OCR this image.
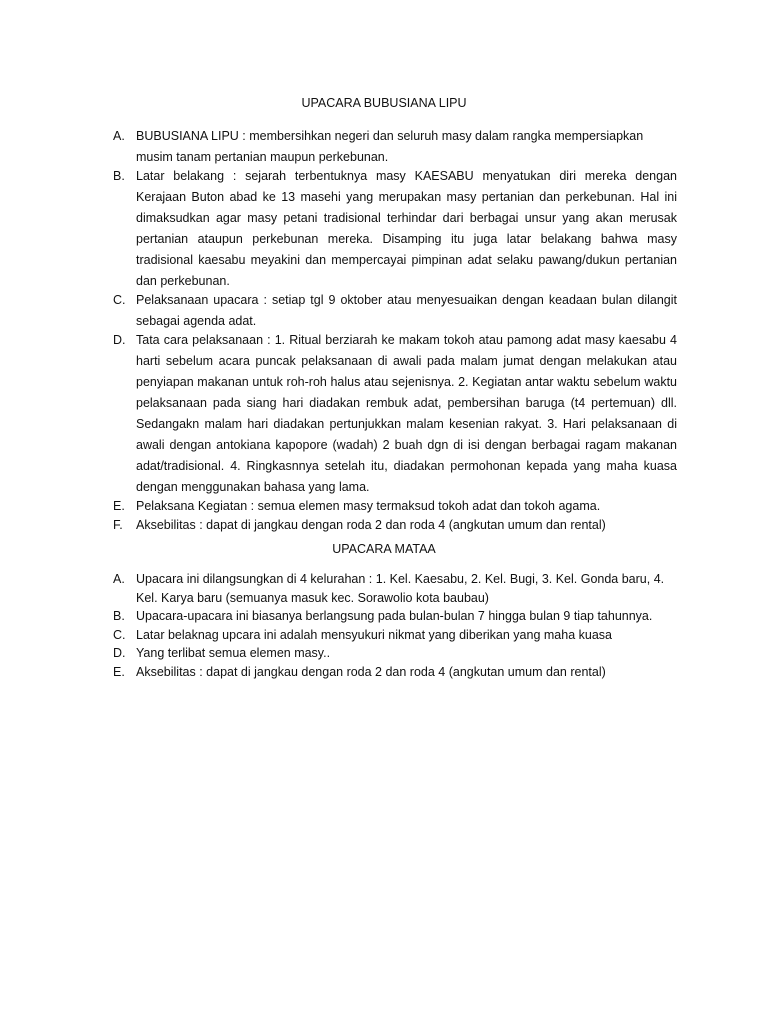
UPACARA BUBUSIANA LIPU
A. BUBUSIANA LIPU : membersihkan negeri dan seluruh masy dalam rangka mempersiapkan musim tanam pertanian maupun perkebunan.
B. Latar belakang : sejarah terbentuknya masy KAESABU menyatukan diri mereka dengan Kerajaan Buton abad ke 13 masehi yang merupakan masy pertanian dan perkebunan. Hal ini dimaksudkan agar masy petani tradisional terhindar dari berbagai unsur yang akan merusak pertanian ataupun perkebunan mereka. Disamping itu juga latar belakang bahwa masy tradisional kaesabu meyakini dan mempercayai pimpinan adat selaku pawang/dukun pertanian dan perkebunan.
C. Pelaksanaan upacara : setiap tgl 9 oktober atau menyesuaikan dengan keadaan bulan dilangit sebagai agenda adat.
D. Tata cara pelaksanaan : 1. Ritual berziarah ke makam tokoh atau pamong adat masy kaesabu 4 harti sebelum acara puncak pelaksanaan di awali pada malam jumat dengan melakukan atau penyiapan makanan untuk roh-roh halus atau sejenisnya. 2. Kegiatan antar waktu sebelum waktu pelaksanaan pada siang hari diadakan rembuk adat, pembersihan baruga (t4 pertemuan) dll. Sedangakn malam hari diadakan pertunjukkan malam kesenian rakyat. 3. Hari pelaksanaan di awali dengan antokiana kapopore (wadah) 2 buah dgn di isi dengan berbagai ragam makanan adat/tradisional. 4. Ringkasnnya setelah itu, diadakan permohonan kepada yang maha kuasa dengan menggunakan bahasa yang lama.
E. Pelaksana Kegiatan : semua elemen masy termaksud tokoh adat dan tokoh agama.
F. Aksebilitas : dapat di jangkau dengan roda 2 dan roda 4 (angkutan umum dan rental)
UPACARA MATAA
A. Upacara ini dilangsungkan di 4 kelurahan : 1. Kel. Kaesabu, 2. Kel. Bugi, 3. Kel. Gonda baru, 4. Kel. Karya baru (semuanya masuk kec. Sorawolio kota baubau)
B. Upacara-upacara ini biasanya berlangsung pada bulan-bulan 7 hingga bulan 9 tiap tahunnya.
C. Latar belaknag upcara ini adalah mensyukuri nikmat yang diberikan yang maha kuasa
D. Yang terlibat semua elemen masy..
E. Aksebilitas : dapat di jangkau dengan roda 2 dan roda 4 (angkutan umum dan rental)
